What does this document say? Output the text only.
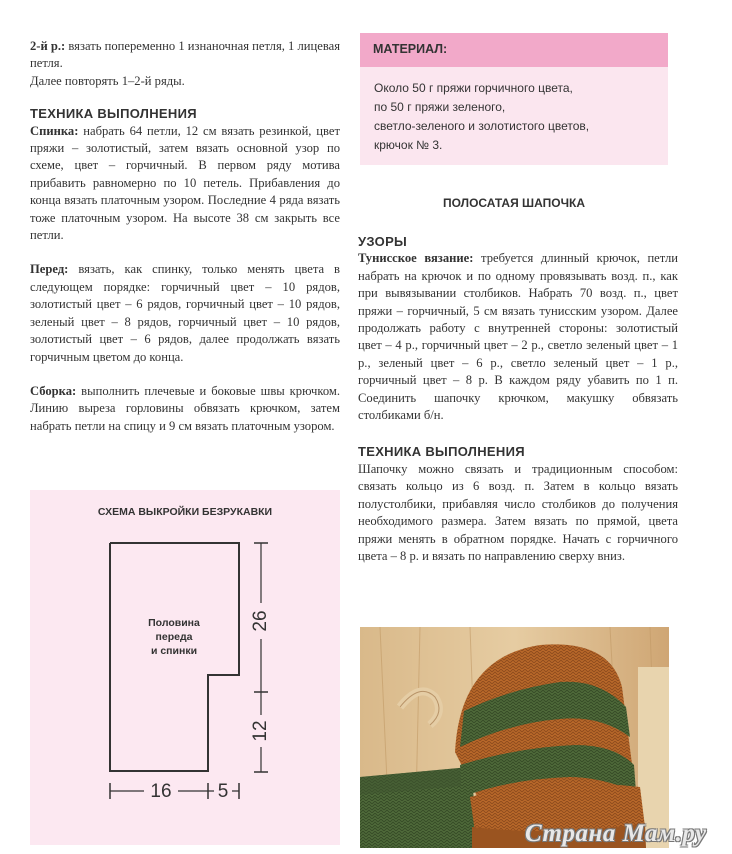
2-й р.: вязать попеременно 1 изнаночная петля, 1 лицевая петля.

Далее повторять 1–2-й ряды.

ТЕХНИКА ВЫПОЛНЕНИЯ

Спинка: набрать 64 петли, 12 см вязать резинкой, цвет пряжи – золотистый, затем вязать основной узор по схеме, цвет – горчичный. В первом ряду мотива прибавить равномерно по 10 петель. Прибавления до конца вязать платочным узором. Последние 4 ряда вязать тоже платочным узором. На высоте 38 см закрыть все петли.

Перед: вязать, как спинку, только менять цвета в следующем порядке: горчичный цвет – 10 рядов, золотистый цвет – 6 рядов, горчичный цвет – 10 рядов, зеленый цвет – 8 рядов, горчичный цвет – 10 рядов, золотистый цвет – 6 рядов, далее продолжать вязать горчичным цветом до конца.

Сборка: выполнить плечевые и боковые швы крючком. Линию выреза горловины обвязать крючком, затем набрать петли на спицу и 9 см вязать платочным узором.

МАТЕРИАЛ:
Около 50 г пряжи горчичного цвета,
по 50 г пряжи зеленого,
светло-зеленого и золотистого цветов,
крючок № 3.
ПОЛОСАТАЯ ШАПОЧКА
УЗОРЫ

Тунисское вязание: требуется длинный крючок, петли набрать на крючок и по одному провязывать возд. п., как при вывязывании столбиков. Набрать 70 возд. п., цвет пряжи – горчичный, 5 см вязать тунисским узором. Далее продолжать работу с внутренней стороны: золотистый цвет – 4 р., горчичный цвет – 2 р., светло зеленый цвет – 1 р., зеленый цвет – 6 р., светло зеленый цвет – 1 р., горчичный цвет – 8 р. В каждом ряду убавить по 1 п. Соединить шапочку крючком, макушку обвязать столбиками б/н.

ТЕХНИКА ВЫПОЛНЕНИЯ

Шапочку можно связать и традиционным способом: связать кольцо из 6 возд. п. Затем в кольцо вязать полустолбики, прибавляя число столбиков до получения необходимого размера. Затем вязать по прямой, цвета пряжи менять в обратном порядке. Начать с горчичного цвета – 8 р. и вязать по направлению сверху вниз.

СХЕМА ВЫКРОЙКИ БЕЗРУКАВКИ
26
12
16 5
Половина
переда
и спинки
Страна Мам.ру
